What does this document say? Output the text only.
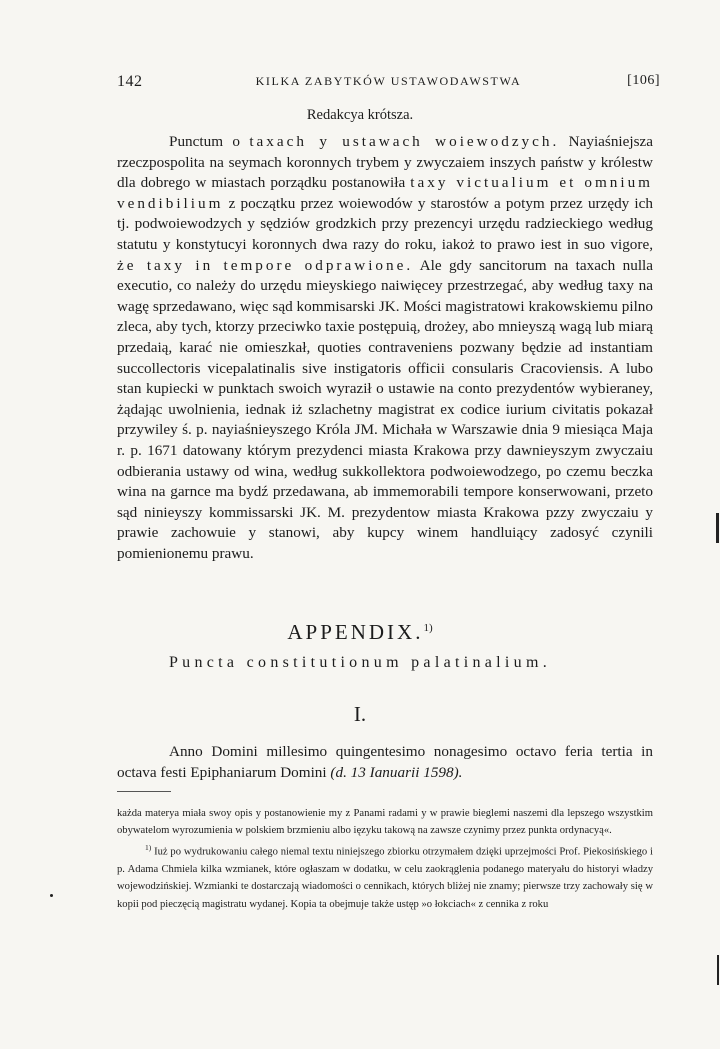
142	KILKA ZABYTKÓW USTAWODAWSTWA	[106]
Redakcya krótsza.

Punctum o taxach y ustawach woiewodzych. Nayiaśniejsza rzeczpospolita na seymach koronnych trybem y zwyczaiem inszych państw y królestw dla dobrego w miastach porządku postanowiła taxy victualium et omnium vendibilium z początku przez woiewodów y starostów a potym przez urzędy ich tj. podwoiewodzych y sędziów grodzkich przy prezencyi urzędu radzieckiego według statutu y konstytucyi koronnych dwa razy do roku, iakoż to prawo iest in suo vigore, że taxy in tempore odprawione. Ale gdy sancitorum na taxach nulla executio, co należy do urzędu mieyskiego naiwięcey przestrzegać, aby według taxy na wagę sprzedawano, więc sąd kommisarski JK. Mości magistratowi krakowskiemu pilno zleca, aby tych, ktorzy przeciwko taxie postępuią, drożey, abo mnieyszą wagą lub miarą przedaią, karać nie omieszkał, quoties contraveniens pozwany będzie ad instantiam succollectoris vicepalatinalis sive instigatoris officii consularis Cracoviensis. A lubo stan kupiecki w punktach swoich wyraził o ustawie na conto prezydentów wybieraney, żądając uwolnienia, iednak iż szlachetny magistrat ex codice iurium civitatis pokazał przywiley ś. p. nayiaśnieyszego Króla JM. Michała w Warszawie dnia 9 miesiąca Maja r. p. 1671 datowany którym prezydenci miasta Krakowa przy dawnieyszym zwyczaiu odbierania ustawy od wina, według sukkollektora podwoiewodzego, po czemu beczka wina na garnce ma bydź przedawana, ab immemorabili tempore konserwowani, przeto sąd ninieyszy kommissarski JK. M. prezydentow miasta Krakowa pzzy zwyczaiu y prawie zachowuie y stanowi, aby kupcy winem handluiący zadosyć czynili pomienionemu prawu.

APPENDIX.$^{1)}$
Puncta constitutionum palatinalium.
I.

Anno Domini millesimo quingentesimo nonagesimo octavo feria tertia in octava festi Epiphaniarum Domini (d. 13 Ianuarii 1598).

każda materya miała swoy opis y postanowienie my z Panami radami y w prawie bieglemi naszemi dla lepszego wszystkim obywatelom wyrozumienia w polskiem brzmieniu albo ięzyku takową na zawsze czynimy przez punkta ordynacyą«.

$^{1)}$ Iuż po wydrukowaniu całego niemal textu niniejszego zbiorku otrzymałem dzięki uprzejmości Prof. Piekosińskiego i p. Adama Chmiela kilka wzmianek, które ogłaszam w dodatku, w celu zaokrąglenia podanego materyału do historyi władzy wojewodzińskiej. Wzmianki te dostarczają wiadomości o cennikach, których bliżej nie znamy; pierwsze trzy zachowały się w kopii pod pieczęcią magistratu wydanej. Kopia ta obejmuje także ustęp »o łokciach« z cennika z roku
